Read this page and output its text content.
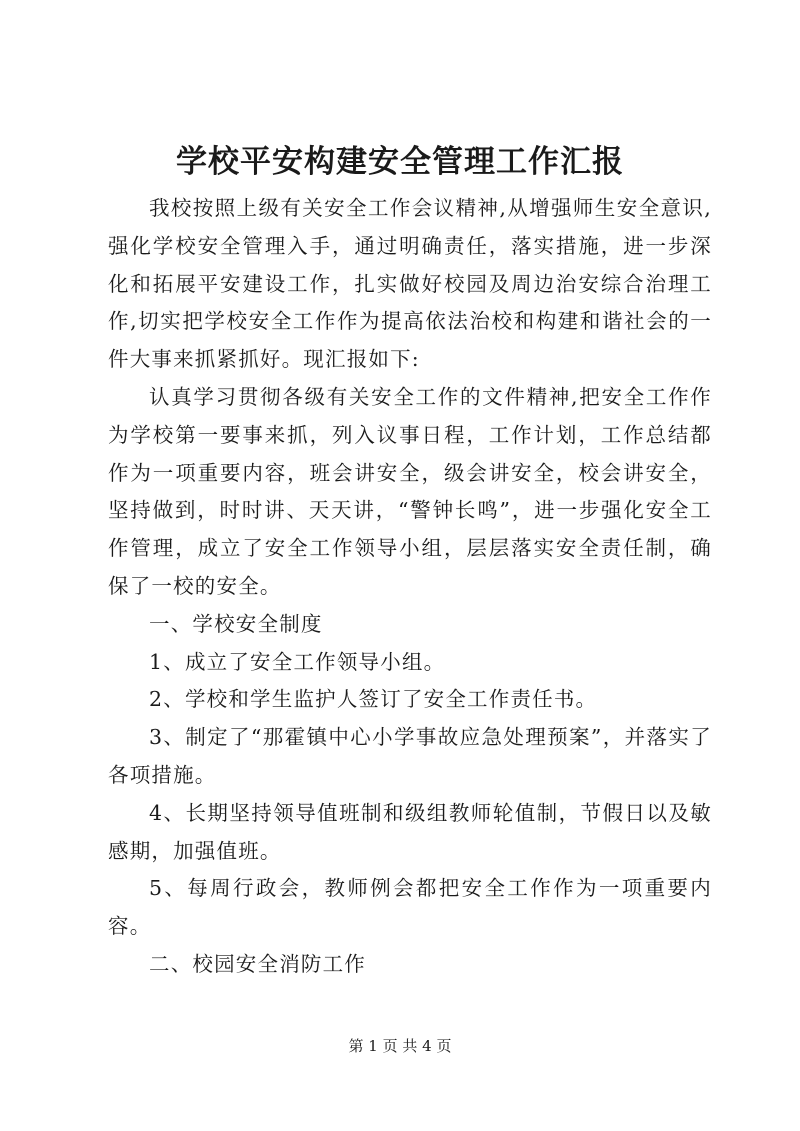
学校平安构建安全管理工作汇报

我校按照上级有关安全工作会议精神,从增强师生安全意识,强化学校安全管理入手，通过明确责任，落实措施，进一步深化和拓展平安建设工作，扎实做好校园及周边治安综合治理工作,切实把学校安全工作作为提高依法治校和构建和谐社会的一件大事来抓紧抓好。现汇报如下:

认真学习贯彻各级有关安全工作的文件精神,把安全工作作为学校第一要事来抓，列入议事日程，工作计划，工作总结都作为一项重要内容，班会讲安全，级会讲安全，校会讲安全，坚持做到，时时讲、天天讲，“警钟长鸣”，进一步强化安全工作管理，成立了安全工作领导小组，层层落实安全责任制，确保了一校的安全。

一、学校安全制度

1、成立了安全工作领导小组。

2、学校和学生监护人签订了安全工作责任书。

3、制定了“那霍镇中心小学事故应急处理预案”，并落实了各项措施。

4、长期坚持领导值班制和级组教师轮值制，节假日以及敏感期，加强值班。

5、每周行政会，教师例会都把安全工作作为一项重要内容。

二、校园安全消防工作

第 1 页 共 4 页
